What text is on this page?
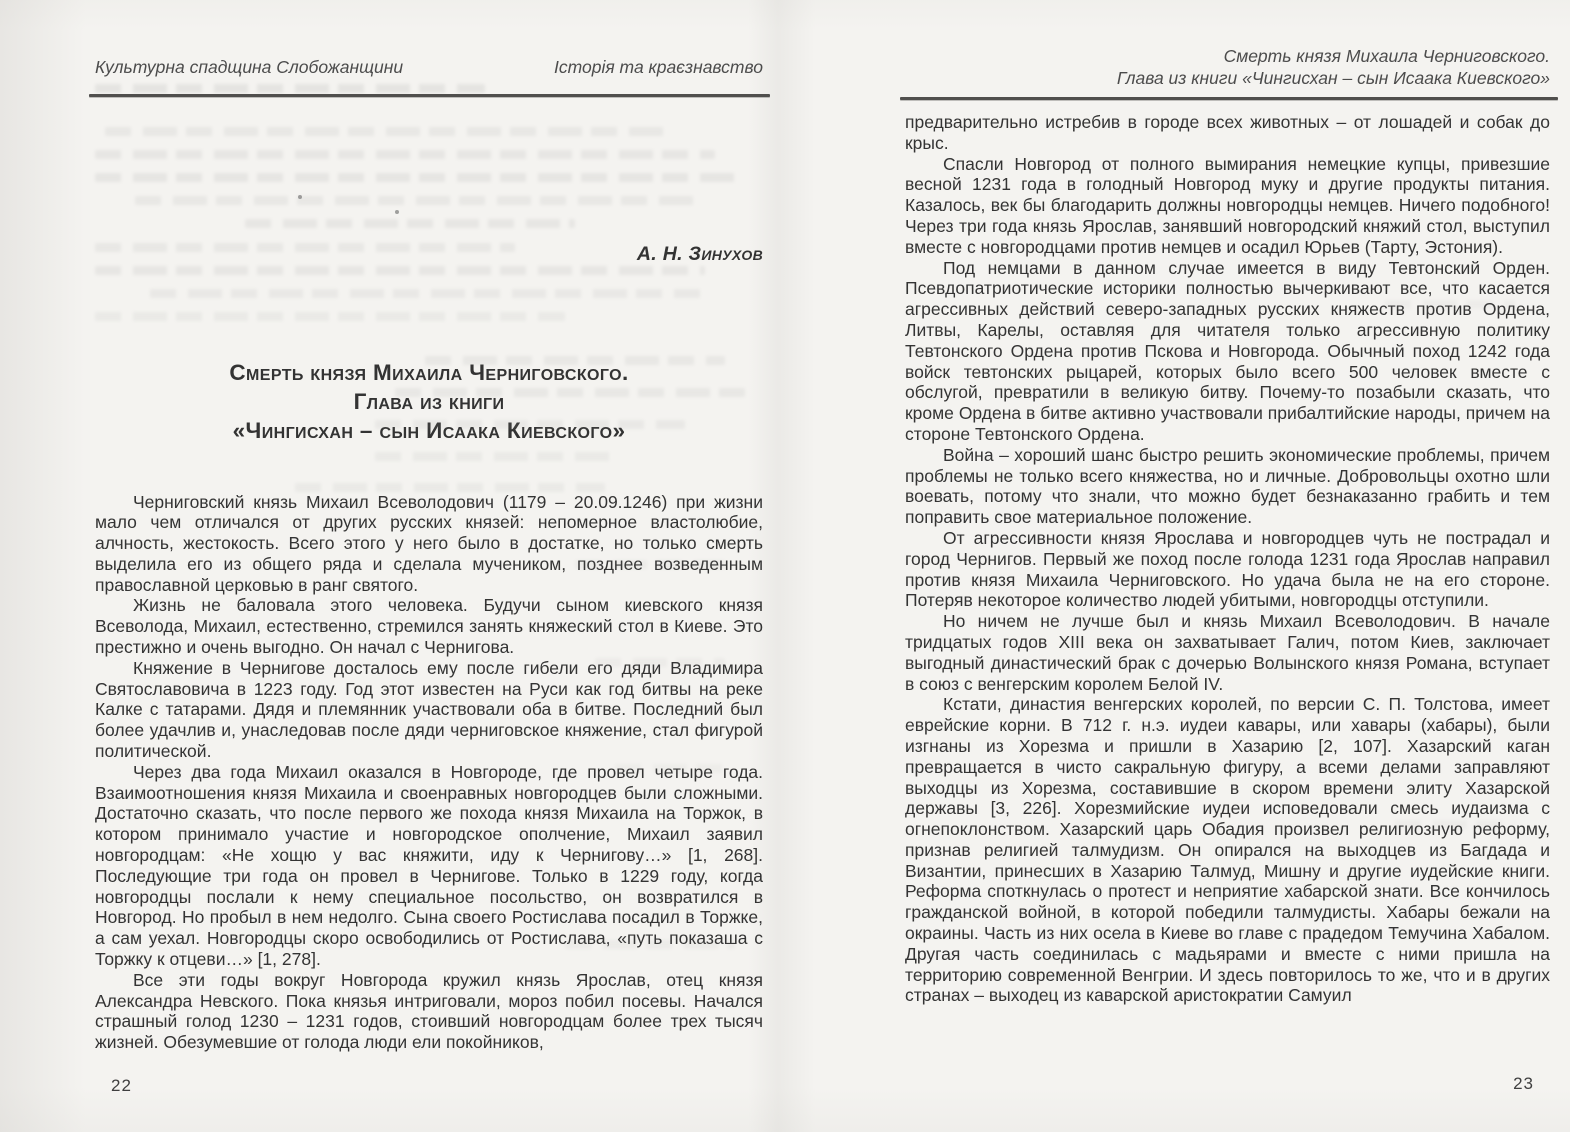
Культурна спадщина Слобожанщини	Історія та краєзнавство
А. Н. Зинухов
Смерть князя Михаила Черниговского.
Глава из книги
«Чингисхан – сын Исаака Киевского»

Черниговский князь Михаил Всеволодович (1179 – 20.09.1246) при жизни мало чем отличался от других русских князей: непомерное властолюбие, алчность, жестокость. Всего этого у него было в достатке, но только смерть выделила его из общего ряда и сделала мучеником, позднее возведенным православной церковью в ранг святого.

Жизнь не баловала этого человека. Будучи сыном киевского князя Всеволода, Михаил, естественно, стремился занять княжеский стол в Киеве. Это престижно и очень выгодно. Он начал с Чернигова.

Княжение в Чернигове досталось ему после гибели его дяди Владимира Святославовича в 1223 году. Год этот известен на Руси как год битвы на реке Калке с татарами. Дядя и племянник участвовали оба в битве. Последний был более удачлив и, унаследовав после дяди черниговское княжение, стал фигурой политической.

Через два года Михаил оказался в Новгороде, где провел четыре года. Взаимоотношения князя Михаила и своенравных новгородцев были сложными. Достаточно сказать, что после первого же похода князя Михаила на Торжок, в котором принимало участие и новгородское ополчение, Михаил заявил новгородцам: «Не хощю у вас княжити, иду к Чернигову…» [1, 268]. Последующие три года он провел в Чернигове. Только в 1229 году, когда новгородцы послали к нему специальное посольство, он возвратился в Новгород. Но пробыл в нем недолго. Сына своего Ростислава посадил в Торжке, а сам уехал. Новгородцы скоро освободились от Ростислава, «путь показаша с Торжку к отцеви…» [1, 278].

Все эти годы вокруг Новгорода кружил князь Ярослав, отец князя Александра Невского. Пока князья интриговали, мороз побил посевы. Начался страшный голод 1230 – 1231 годов, стоивший новгородцам более трех тысяч жизней. Обезумевшие от голода люди ели покойников,

22
Смерть князя Михаила Черниговского.
Глава из книги «Чингисхан – сын Исаака Киевского»

предварительно истребив в городе всех животных – от лошадей и собак до крыс.

Спасли Новгород от полного вымирания немецкие купцы, привезшие весной 1231 года в голодный Новгород муку и другие продукты питания. Казалось, век бы благодарить должны новгородцы немцев. Ничего подобного! Через три года князь Ярослав, занявший новгородский княжий стол, выступил вместе с новгородцами против немцев и осадил Юрьев (Тарту, Эстония).

Под немцами в данном случае имеется в виду Тевтонский Орден. Псевдопатриотические историки полностью вычеркивают все, что касается агрессивных действий северо-западных русских княжеств против Ордена, Литвы, Карелы, оставляя для читателя только агрессивную политику Тевтонского Ордена против Пскова и Новгорода. Обычный поход 1242 года войск тевтонских рыцарей, которых было всего 500 человек вместе с обслугой, превратили в великую битву. Почему-то позабыли сказать, что кроме Ордена в битве активно участвовали прибалтийские народы, причем на стороне Тевтонского Ордена.

Война – хороший шанс быстро решить экономические проблемы, причем проблемы не только всего княжества, но и личные. Добровольцы охотно шли воевать, потому что знали, что можно будет безнаказанно грабить и тем поправить свое материальное положение.

От агрессивности князя Ярослава и новгородцев чуть не пострадал и город Чернигов. Первый же поход после голода 1231 года Ярослав направил против князя Михаила Черниговского. Но удача была не на его стороне. Потеряв некоторое количество людей убитыми, новгородцы отступили.

Но ничем не лучше был и князь Михаил Всеволодович. В начале тридцатых годов XIII века он захватывает Галич, потом Киев, заключает выгодный династический брак с дочерью Волынского князя Романа, вступает в союз с венгерским королем Белой IV.

Кстати, династия венгерских королей, по версии С. П. Толстова, имеет еврейские корни. В 712 г. н.э. иудеи кавары, или хавары (хабары), были изгнаны из Хорезма и пришли в Хазарию [2, 107]. Хазарский каган превращается в чисто сакральную фигуру, а всеми делами заправляют выходцы из Хорезма, составившие в скором времени элиту Хазарской державы [3, 226]. Хорезмийские иудеи исповедовали смесь иудаизма с огнепоклонством. Хазарский царь Обадия произвел религиозную реформу, признав религией талмудизм. Он опирался на выходцев из Багдада и Византии, принесших в Хазарию Талмуд, Мишну и другие иудейские книги. Реформа споткнулась о протест и неприятие хабарской знати. Все кончилось гражданской войной, в которой победили талмудисты. Хабары бежали на окраины. Часть из них осела в Киеве во главе с прадедом Темучина Хабалом. Другая часть соединилась с мадьярами и вместе с ними пришла на территорию современной Венгрии. И здесь повторилось то же, что и в других странах – выходец из каварской аристократии Самуил

23
